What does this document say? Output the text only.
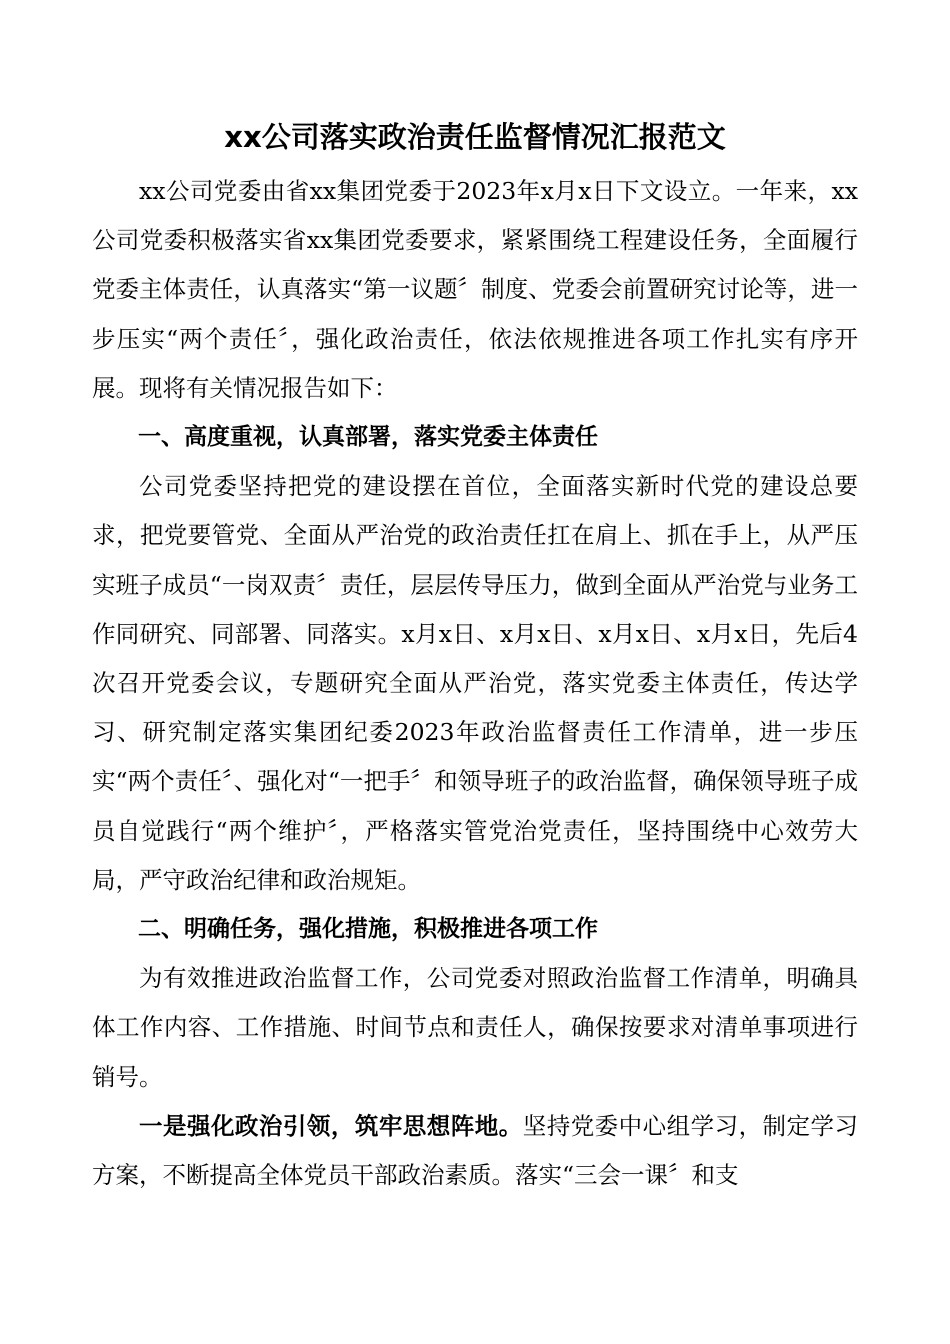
xx公司落实政治责任监督情况汇报范文

xx公司党委由省xx集团党委于2023年x月x日下文设立。一年来，xx公司党委积极落实省xx集团党委要求，紧紧围绕工程建设任务，全面履行党委主体责任，认真落实“第一议题〞制度、党委会前置研究讨论等，进一步压实“两个责任〞，强化政治责任，依法依规推进各项工作扎实有序开展。现将有关情况报告如下：

一、高度重视，认真部署，落实党委主体责任

公司党委坚持把党的建设摆在首位，全面落实新时代党的建设总要求，把党要管党、全面从严治党的政治责任扛在肩上、抓在手上，从严压实班子成员“一岗双责〞责任，层层传导压力，做到全面从严治党与业务工作同研究、同部署、同落实。x月x日、x月x日、x月x日、x月x日，先后4次召开党委会议，专题研究全面从严治党，落实党委主体责任，传达学习、研究制定落实集团纪委2023年政治监督责任工作清单，进一步压实“两个责任〞、强化对“一把手〞和领导班子的政治监督，确保领导班子成员自觉践行“两个维护〞，严格落实管党治党责任，坚持围绕中心效劳大局，严守政治纪律和政治规矩。

二、明确任务，强化措施，积极推进各项工作

为有效推进政治监督工作，公司党委对照政治监督工作清单，明确具体工作内容、工作措施、时间节点和责任人，确保按要求对清单事项进行销号。

一是强化政治引领，筑牢思想阵地。坚持党委中心组学习，制定学习方案，不断提高全体党员干部政治素质。落实“三会一课〞和支
